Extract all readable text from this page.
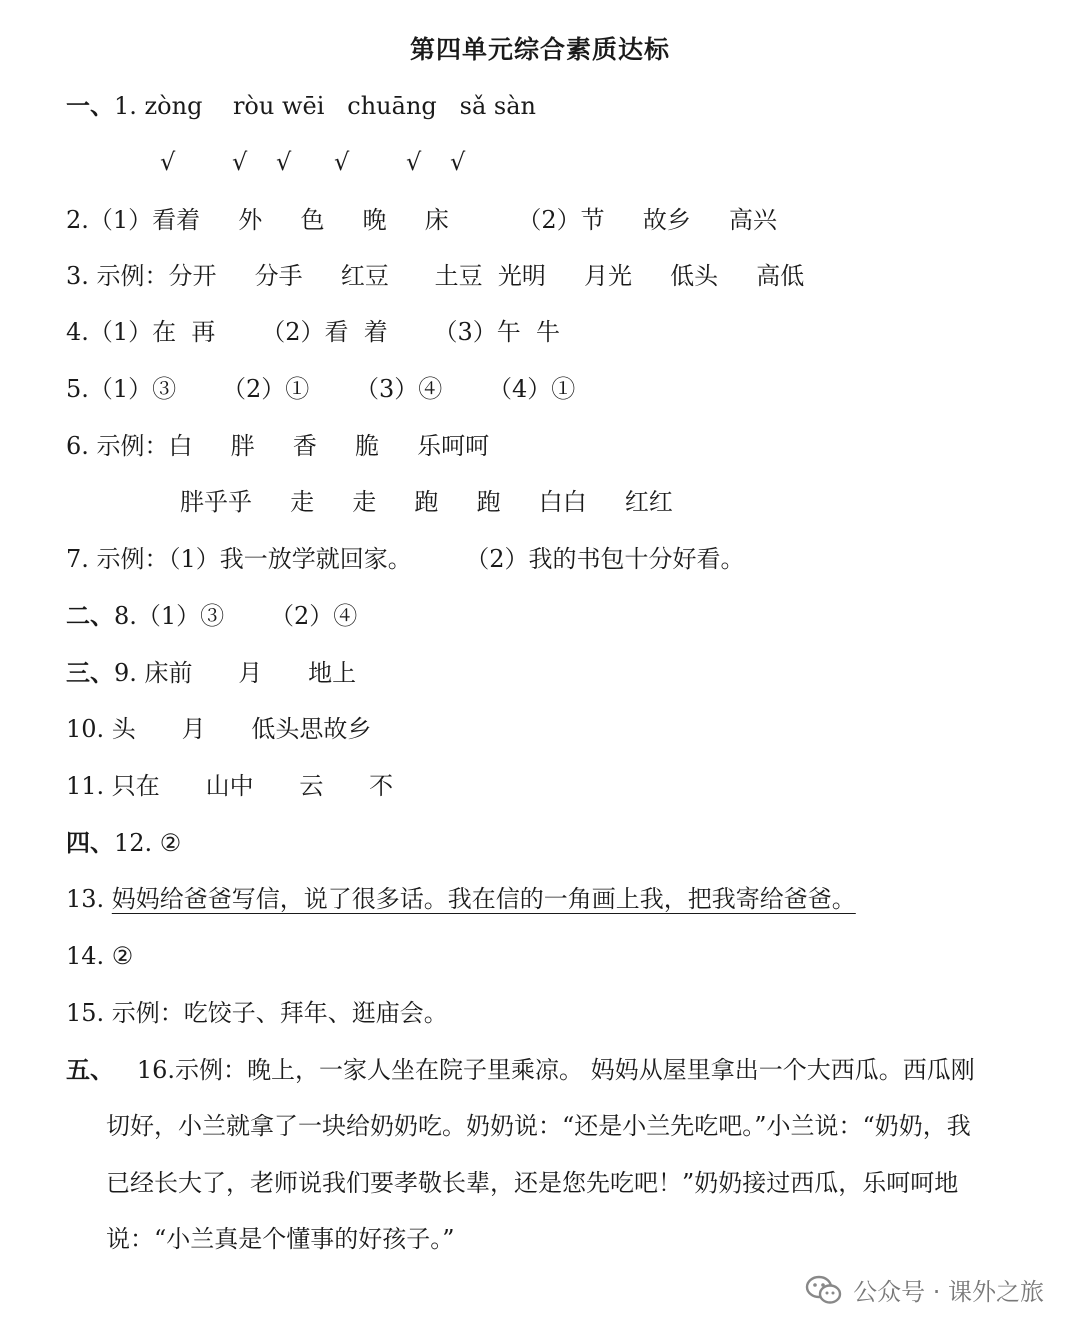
第四单元综合素质达标
一、1. zòng    ròu wēi   chuāng   sǎ sàn
√ √ √ √ √ √
2.（1）看着     外     色     晚     床         （2）节     故乡     高兴
3. 示例：分开     分手     红豆      土豆  光明     月光     低头     高低
4.（1）在  再      （2）看  着      （3）午  牛
5.（1）③      （2）①      （3）④      （4）①
6. 示例：白     胖     香     脆     乐呵呵
胖乎乎     走     走     跑     跑     白白     红红
7. 示例：（1）我一放学就回家。       （2）我的书包十分好看。
二、8.（1）③      （2）④
三、9. 床前      月      地上
10. 头      月      低头思故乡
11. 只在      山中      云      不
四、12. ②
13. 妈妈给爸爸写信，说了很多话。我在信的一角画上我，把我寄给爸爸。
14. ②
15. 示例：吃饺子、拜年、逛庙会。
五、 16.示例：晚上，一家人坐在院子里乘凉。 妈妈从屋里拿出一个大西瓜。西瓜刚
切好，小兰就拿了一块给奶奶吃。奶奶说：“还是小兰先吃吧。”小兰说：“奶奶，我
已经长大了，老师说我们要孝敬长辈，还是您先吃吧！”奶奶接过西瓜，乐呵呵地
说：“小兰真是个懂事的好孩子。”
公众号 · 课外之旅
